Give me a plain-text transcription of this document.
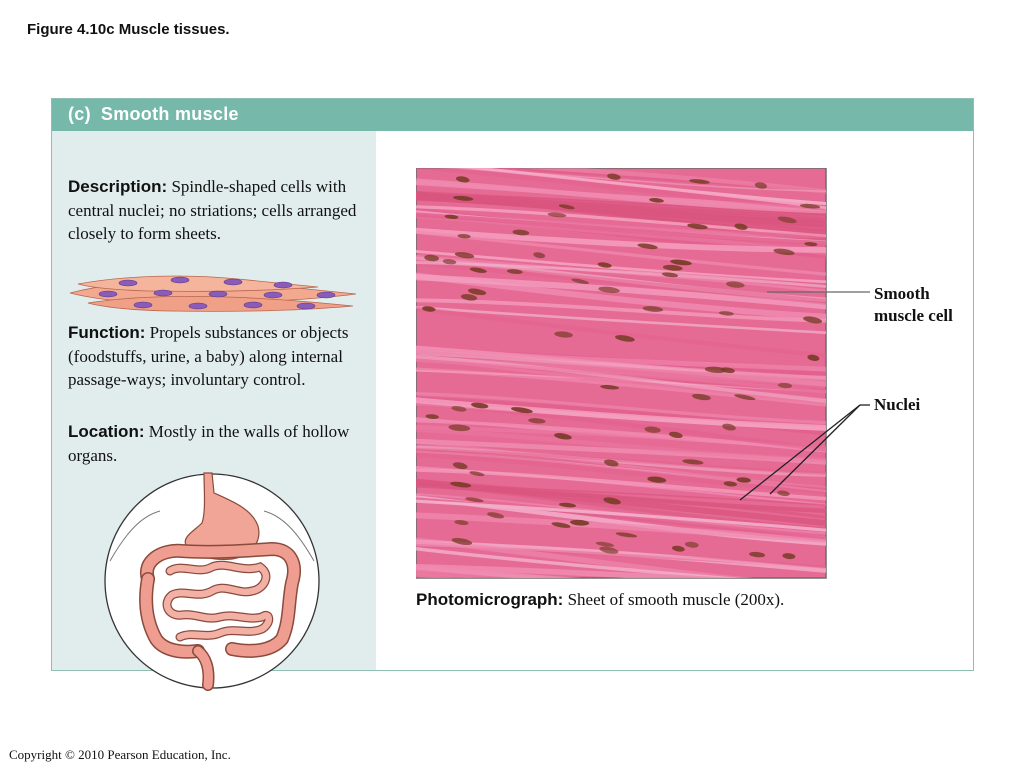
Figure 4.10c Muscle tissues.
(c) Smooth muscle
Description: Spindle-shaped cells with central nuclei; no striations; cells arranged closely to form sheets.
Function: Propels substances or objects (foodstuffs, urine, a baby) along internal passage-ways; involuntary control.
Location: Mostly in the walls of hollow organs.
Photomicrograph: Sheet of smooth muscle (200x).
Smooth muscle cell
Nuclei
Copyright © 2010 Pearson Education, Inc.
